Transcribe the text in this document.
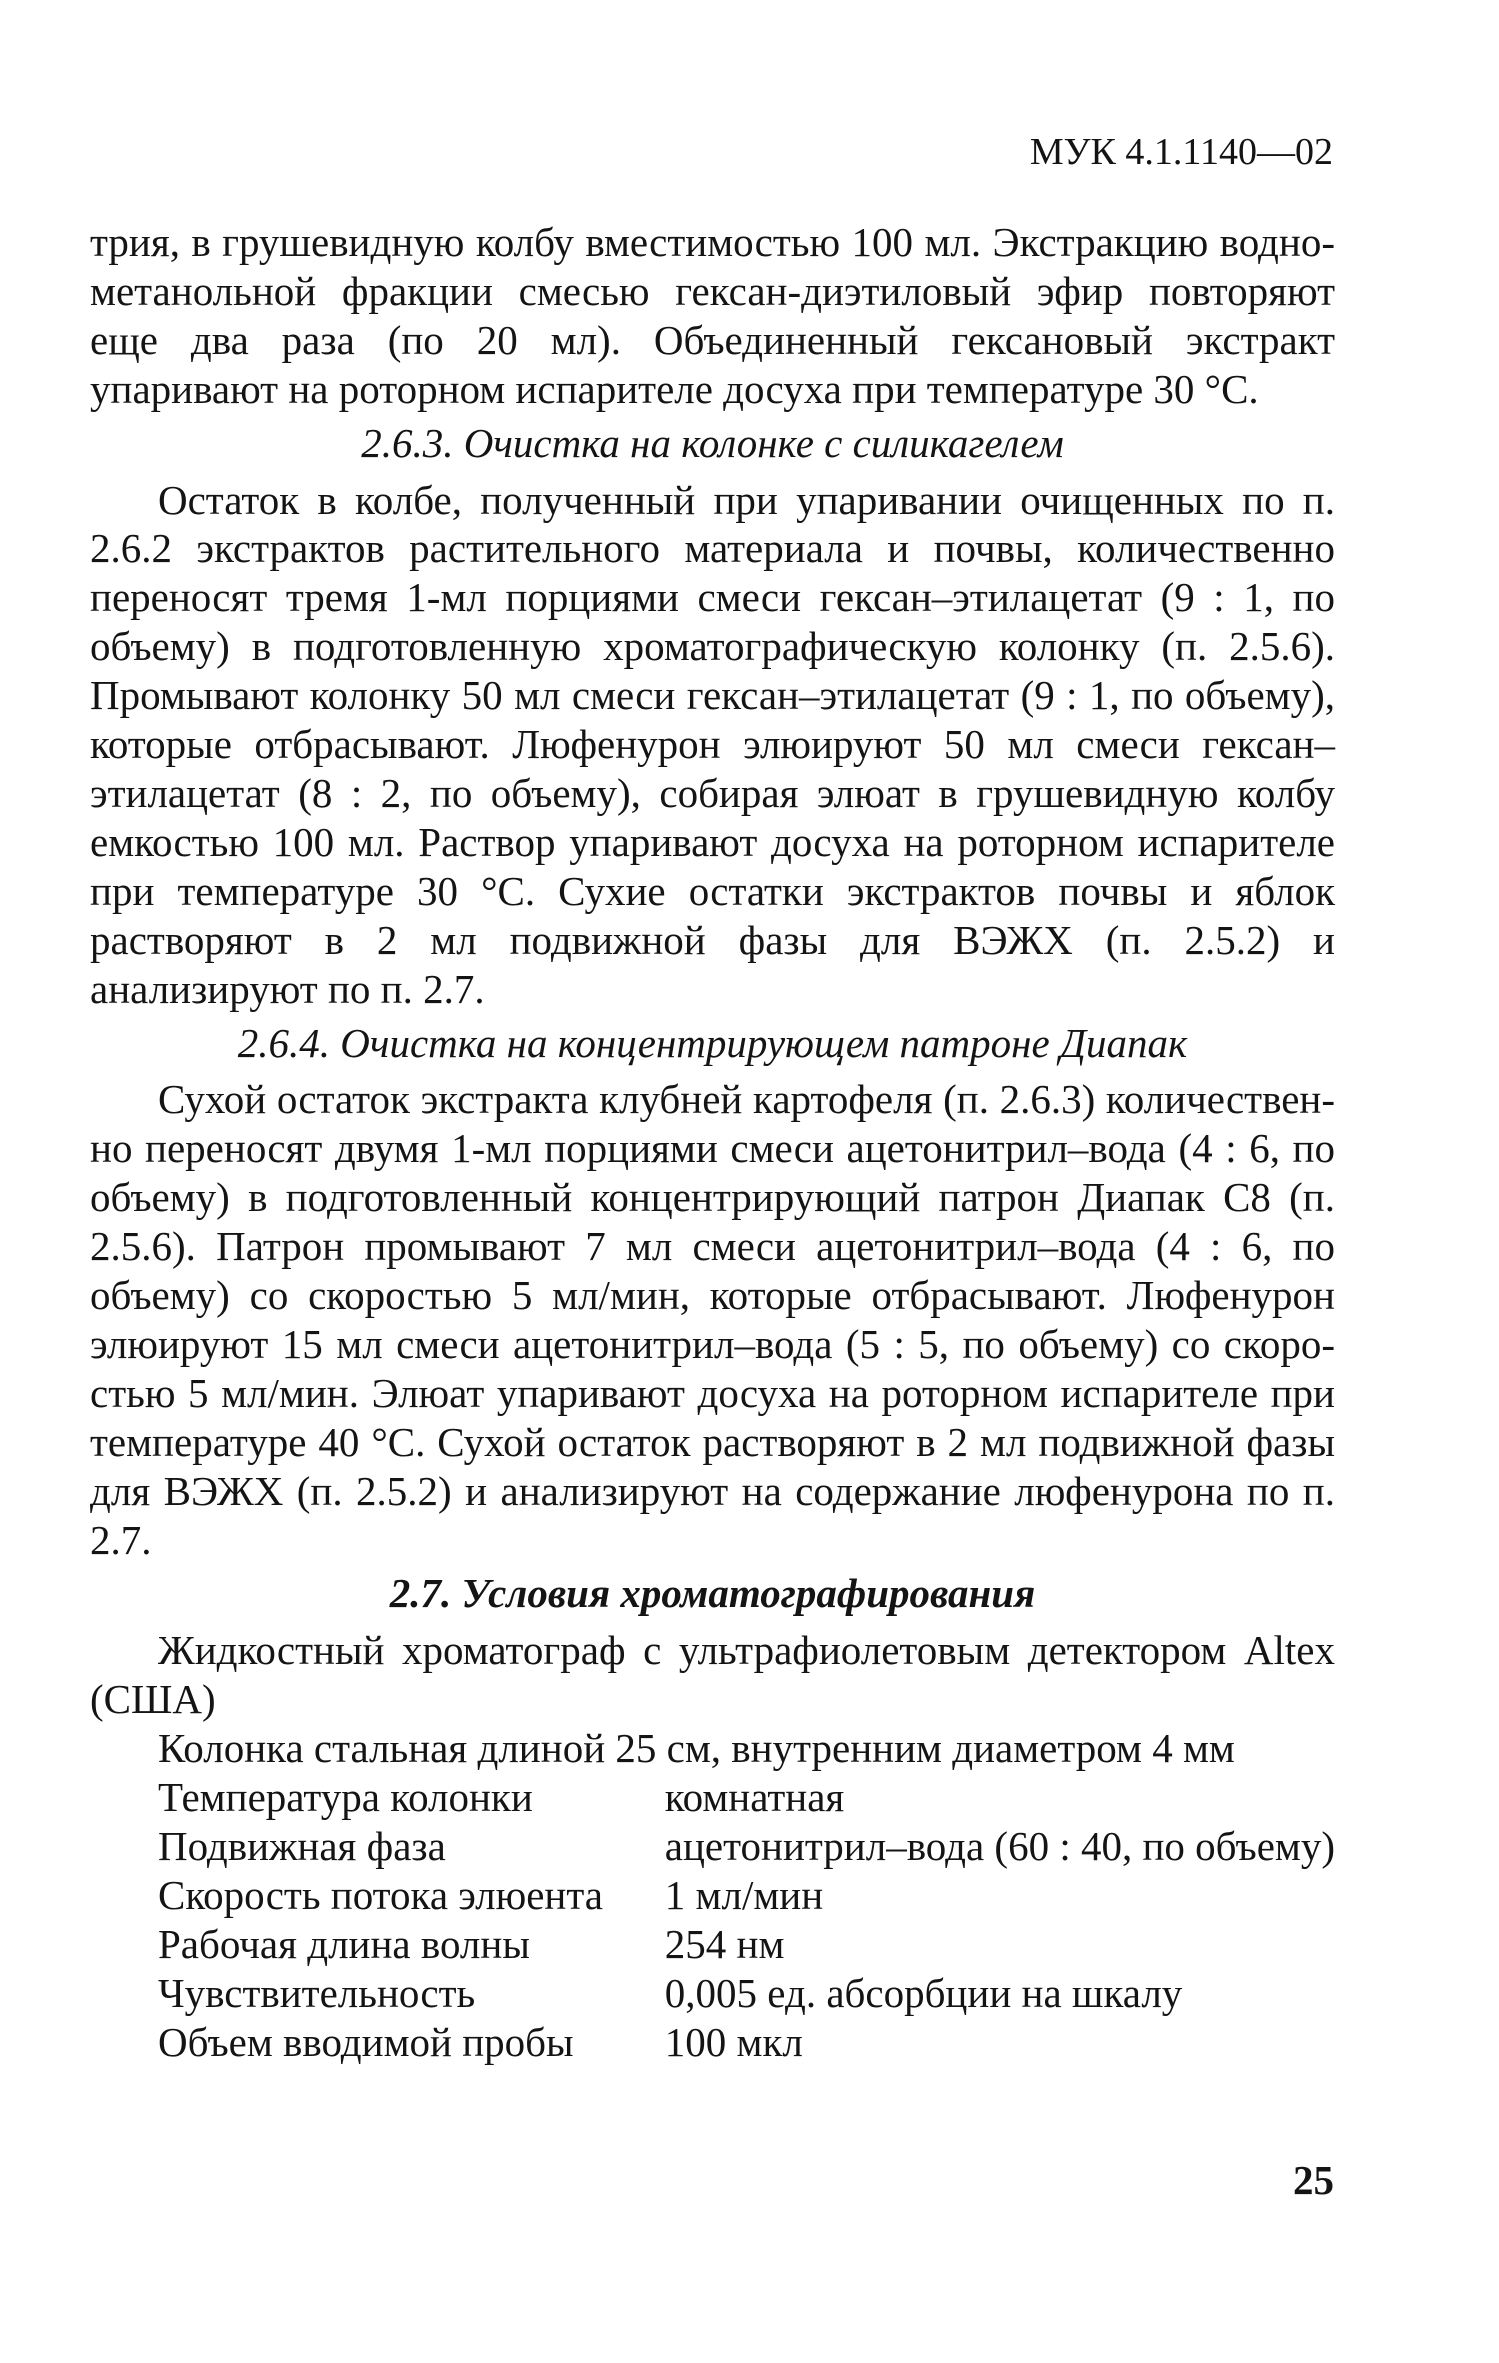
МУК 4.1.1140—02

трия, в грушевидную колбу вместимостью 100 мл. Экстракцию водно-метанольной фракции смесью гексан-диэтиловый эфир повторяют еще два раза (по 20 мл). Объединенный гексановый экстракт упаривают на роторном испарителе досуха при температуре 30 °С.

2.6.3. Очистка на колонке с силикагелем

Остаток в колбе, полученный при упаривании очищенных по п. 2.6.2 экстрактов растительного материала и почвы, количественно переносят тремя 1-мл порциями смеси гексан–этилацетат (9 : 1, по объему) в подготовленную хроматографическую колонку (п. 2.5.6). Промывают колонку 50 мл смеси гексан–этилацетат (9 : 1, по объему), которые отбрасывают. Люфенурон элюируют 50 мл смеси гексан–этилацетат (8 : 2, по объему), собирая элюат в грушевидную колбу емкостью 100 мл. Раствор упаривают досуха на роторном испарителе при температуре 30 °С. Сухие остатки экстрактов почвы и яблок растворяют в 2 мл подвижной фазы для ВЭЖХ (п. 2.5.2) и анализируют по п. 2.7.

2.6.4. Очистка на концентрирующем патроне Диапак

Сухой остаток экстракта клубней картофеля (п. 2.6.3) количественно переносят двумя 1-мл порциями смеси ацетонитрил–вода (4 : 6, по объему) в подготовленный концентрирующий патрон Диапак С8 (п. 2.5.6). Патрон промывают 7 мл смеси ацетонитрил–вода (4 : 6, по объему) со скоростью 5 мл/мин, которые отбрасывают. Люфенурон элюируют 15 мл смеси ацетонитрил–вода (5 : 5, по объему) со скоростью 5 мл/мин. Элюат упаривают досуха на роторном испарителе при температуре 40 °С. Сухой остаток растворяют в 2 мл подвижной фазы для ВЭЖХ (п. 2.5.2) и анализируют на содержание люфенурона по п. 2.7.

2.7. Условия хроматографирования

Жидкостный хроматограф с ультрафиолетовым детектором Altex (США)

Колонка стальная длиной 25 см, внутренним диаметром 4 мм
Температура колонки	комнатная
Подвижная фаза	ацетонитрил–вода (60 : 40, по объему)
Скорость потока элюента	1 мл/мин
Рабочая длина волны	254 нм
Чувствительность	0,005 ед. абсорбции на шкалу
Объем вводимой пробы	100 мкл
25
